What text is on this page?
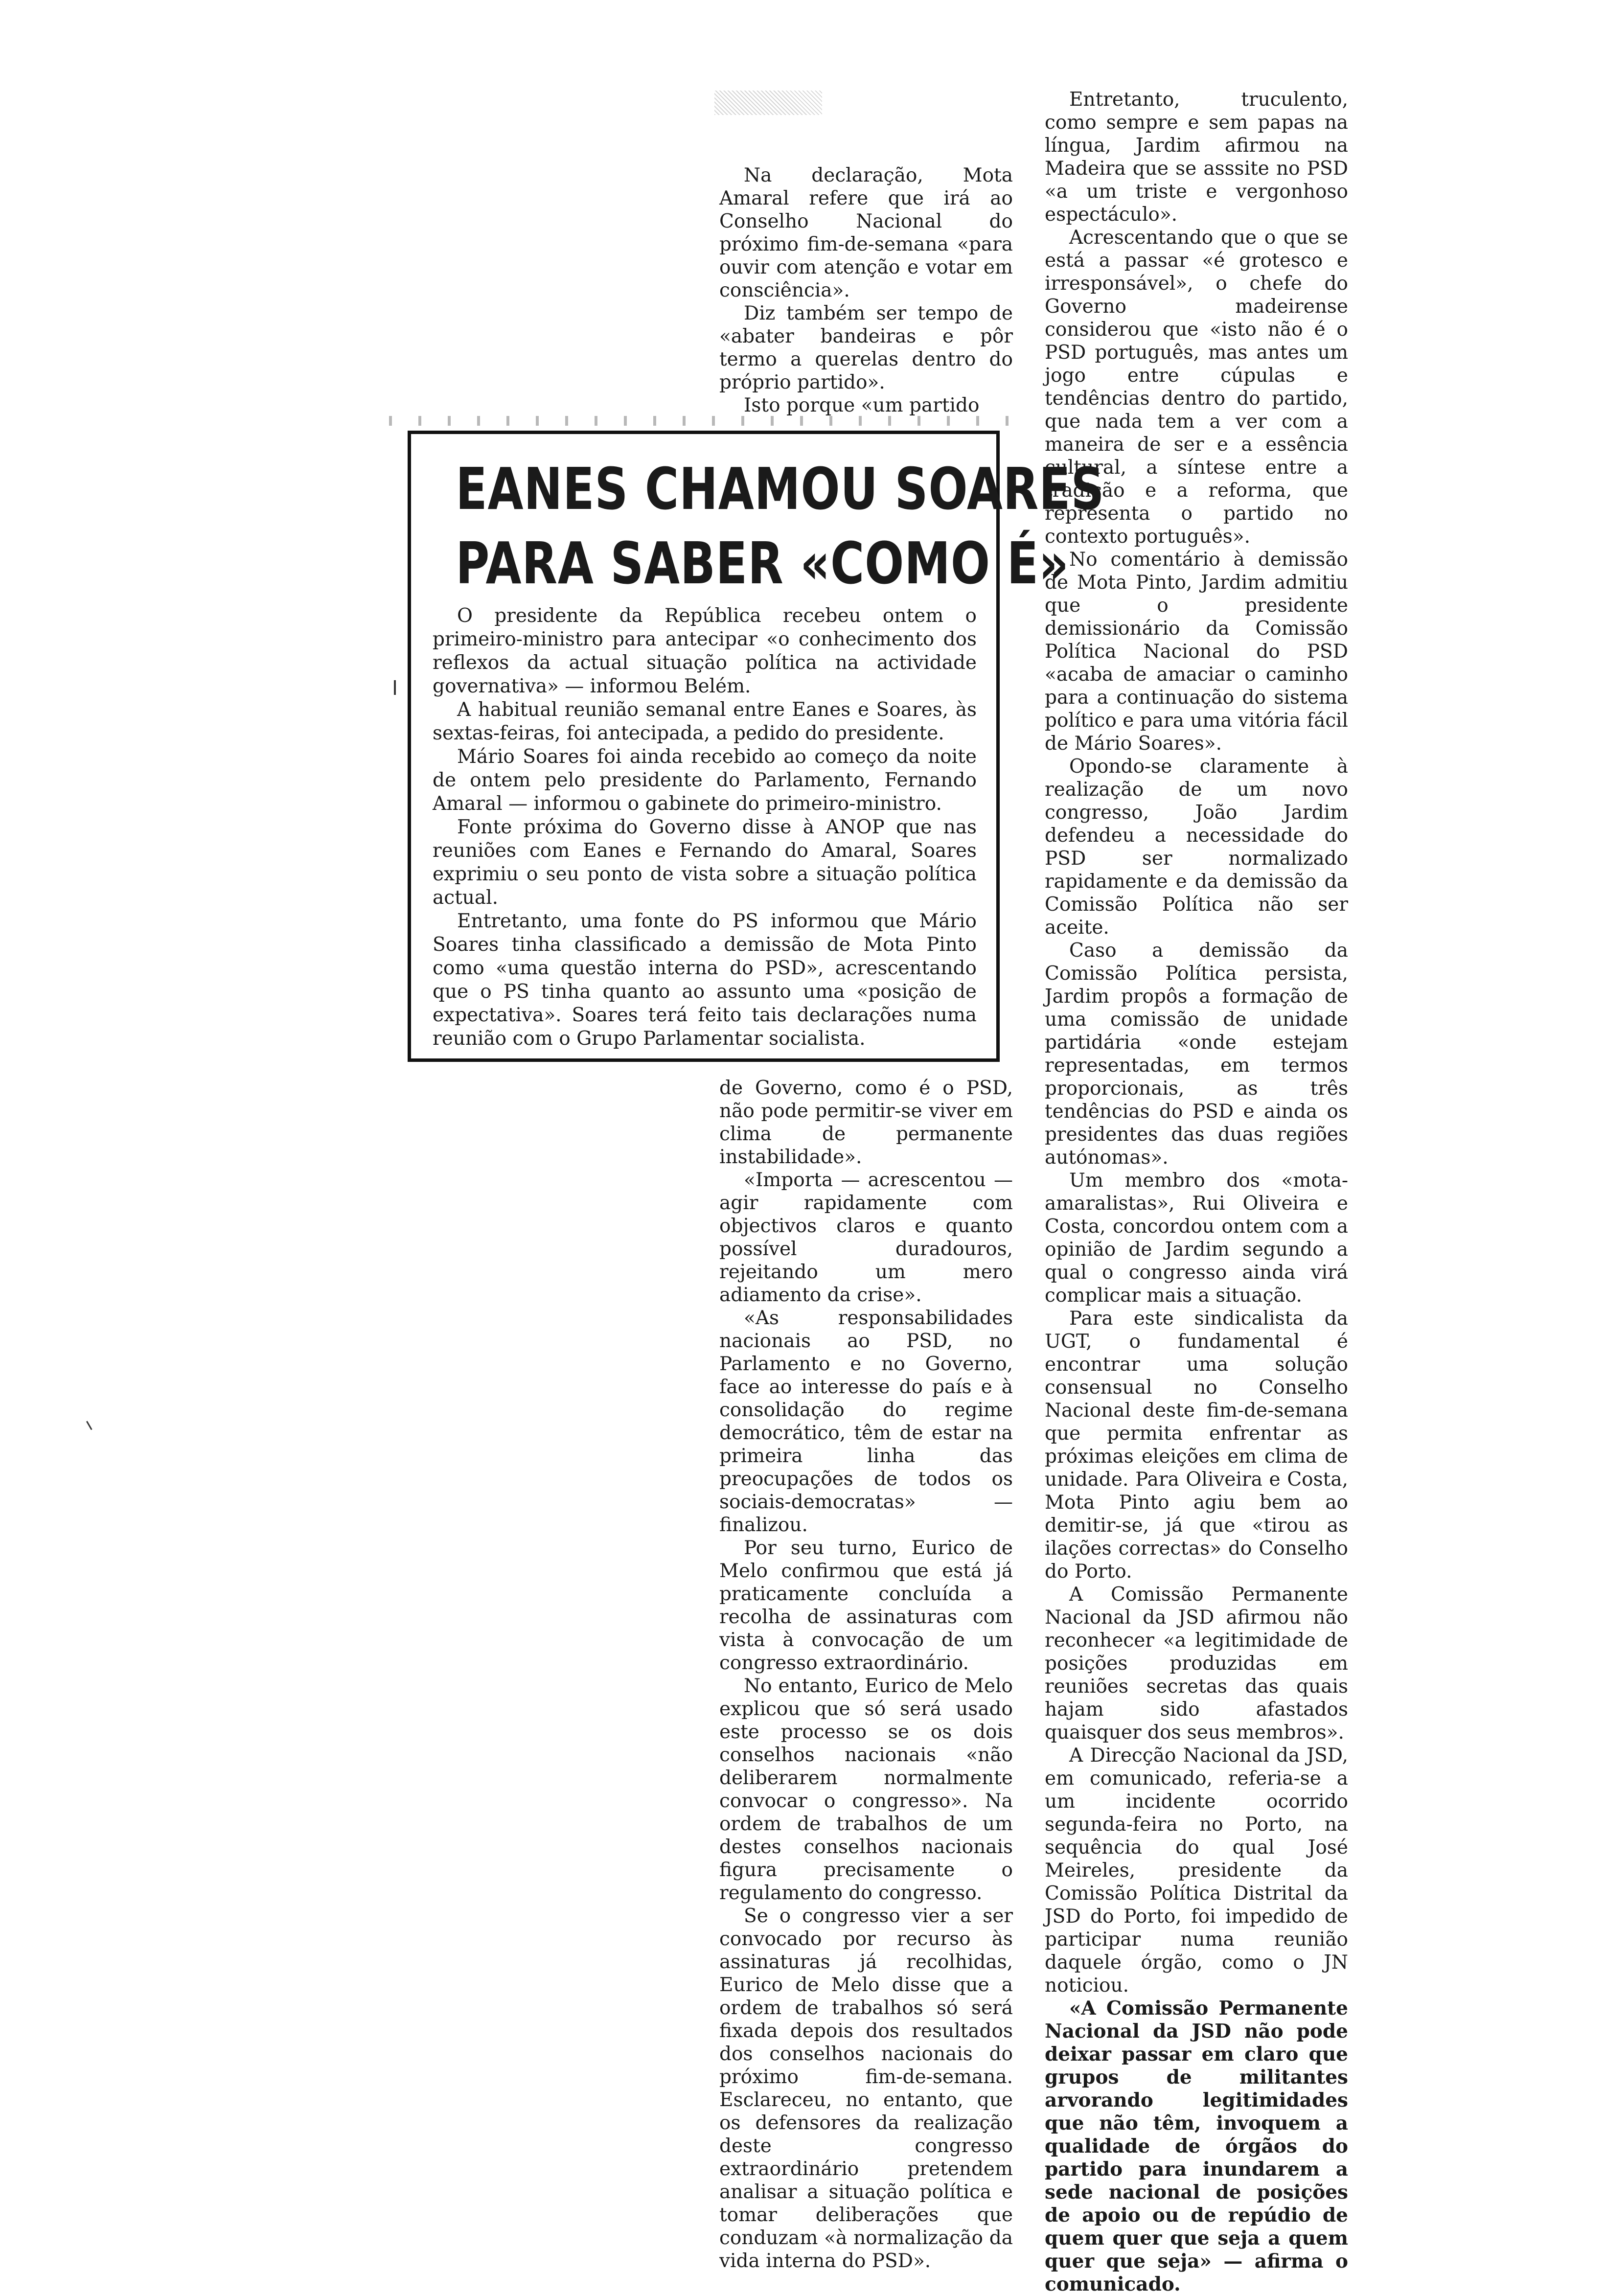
Na declaração, Mota Amaral refere que irá ao Conselho Nacional do próximo fim-de-semana «para ouvir com atenção e votar em consciência».

Diz também ser tempo de «abater bandeiras e pôr termo a querelas dentro do próprio partido».

Isto porque «um partido

EANES CHAMOU SOARES
PARA SABER «COMO É»

O presidente da República recebeu ontem o primeiro-ministro para antecipar «o conhecimento dos reflexos da actual situação política na actividade governativa» — informou Belém.

A habitual reunião semanal entre Eanes e Soares, às sextas-feiras, foi antecipada, a pedido do presidente.

Mário Soares foi ainda recebido ao começo da noite de ontem pelo presidente do Parlamento, Fernando Amaral — informou o gabinete do primeiro-ministro.

Fonte próxima do Governo disse à ANOP que nas reuniões com Eanes e Fernando do Amaral, Soares exprimiu o seu ponto de vista sobre a situação política actual.

Entretanto, uma fonte do PS informou que Mário Soares tinha classificado a demissão de Mota Pinto como «uma questão interna do PSD», acrescentando que o PS tinha quanto ao assunto uma «posição de expectativa». Soares terá feito tais declarações numa reunião com o Grupo Parlamentar socialista.

de Governo, como é o PSD, não pode permitir-se viver em clima de permanente instabilidade».

«Importa — acrescentou — agir rapidamente com objectivos claros e quanto possível duradouros, rejeitando um mero adiamento da crise».

«As responsabilidades nacionais ao PSD, no Parlamento e no Governo, face ao interesse do país e à consolidação do regime democrático, têm de estar na primeira linha das preocupações de todos os sociais-democratas» — finalizou.

Por seu turno, Eurico de Melo confirmou que está já praticamente concluída a recolha de assinaturas com vista à convocação de um congresso extraordinário.

No entanto, Eurico de Melo explicou que só será usado este processo se os dois conselhos nacionais «não deliberarem normalmente convocar o congresso». Na ordem de trabalhos de um destes conselhos nacionais figura precisamente o regulamento do congresso.

Se o congresso vier a ser convocado por recurso às assinaturas já recolhidas, Eurico de Melo disse que a ordem de trabalhos só será fixada depois dos resultados dos conselhos nacionais do próximo fim-de-semana. Esclareceu, no entanto, que os defensores da realização deste congresso extraordinário pretendem analisar a situação política e tomar deliberações que conduzam «à normalização da vida interna do PSD».

Entretanto, truculento, como sempre e sem papas na língua, Jardim afirmou na Madeira que se asssite no PSD «a um triste e vergonhoso espectáculo».

Acrescentando que o que se está a passar «é grotesco e irresponsável», o chefe do Governo madeirense considerou que «isto não é o PSD português, mas antes um jogo entre cúpulas e tendências dentro do partido, que nada tem a ver com a maneira de ser e a essência cultural, a síntese entre a tradição e a reforma, que representa o partido no contexto português».

No comentário à demissão de Mota Pinto, Jardim admitiu que o presidente demissionário da Comissão Política Nacional do PSD «acaba de amaciar o caminho para a continuação do sistema político e para uma vitória fácil de Mário Soares».

Opondo-se claramente à realização de um novo congresso, João Jardim defendeu a necessidade do PSD ser normalizado rapidamente e da demissão da Comissão Política não ser aceite.

Caso a demissão da Comissão Política persista, Jardim propôs a formação de uma comissão de unidade partidária «onde estejam representadas, em termos proporcionais, as três tendências do PSD e ainda os presidentes das duas regiões autónomas».

Um membro dos «mota-amaralistas», Rui Oliveira e Costa, concordou ontem com a opinião de Jardim segundo a qual o congresso ainda virá complicar mais a situação.

Para este sindicalista da UGT, o fundamental é encontrar uma solução consensual no Conselho Nacional deste fim-de-semana que permita enfrentar as próximas eleições em clima de unidade. Para Oliveira e Costa, Mota Pinto agiu bem ao demitir-se, já que «tirou as ilações correctas» do Conselho do Porto.

A Comissão Permanente Nacional da JSD afirmou não reconhecer «a legitimidade de posições produzidas em reuniões secretas das quais hajam sido afastados quaisquer dos seus membros».

A Direcção Nacional da JSD, em comunicado, referia-se a um incidente ocorrido segunda-feira no Porto, na sequência do qual José Meireles, presidente da Comissão Política Distrital da JSD do Porto, foi impedido de participar numa reunião daquele órgão, como o JN noticiou.

«A Comissão Permanente Nacional da JSD não pode deixar passar em claro que grupos de militantes arvorando legitimidades que não têm, invoquem a qualidade de órgãos do partido para inundarem a sede nacional de posições de apoio ou de repúdio de quem quer que seja a quem quer que seja» — afirma o comunicado.
